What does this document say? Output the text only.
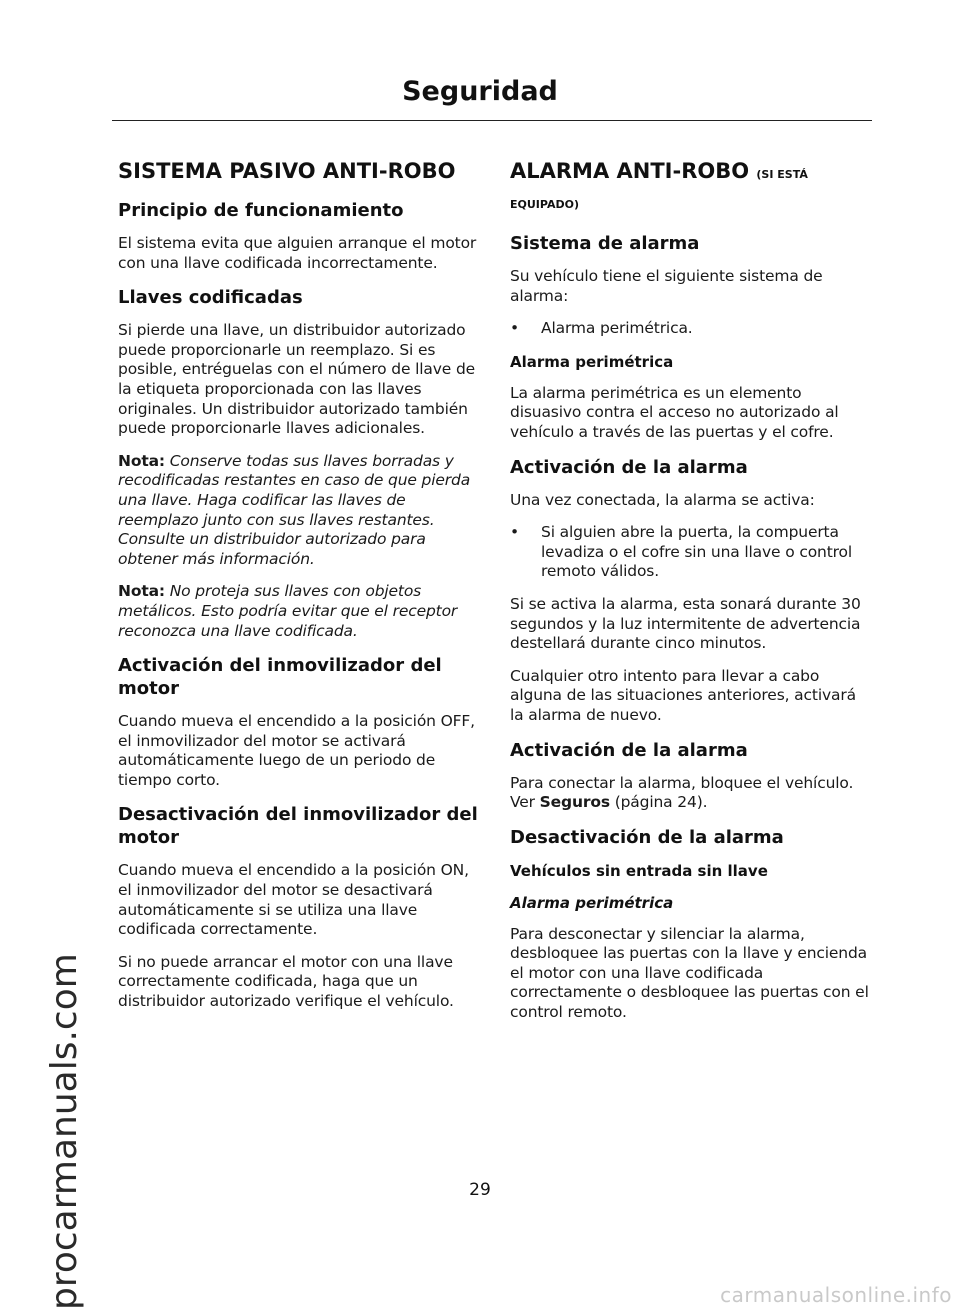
Seguridad
procarmanuals.com
SISTEMA PASIVO ANTI-ROBO
Principio de funcionamiento

El sistema evita que alguien arranque el motor con una llave codificada incorrectamente.

Llaves codificadas

Si pierde una llave, un distribuidor autorizado puede proporcionarle un reemplazo. Si es posible, entréguelas con el número de llave de la etiqueta proporcionada con las llaves originales. Un distribuidor autorizado también puede proporcionarle llaves adicionales.

Nota: Conserve todas sus llaves borradas y recodificadas restantes en caso de que pierda una llave. Haga codificar las llaves de reemplazo junto con sus llaves restantes. Consulte un distribuidor autorizado para obtener más información.

Nota: No proteja sus llaves con objetos metálicos. Esto podría evitar que el receptor reconozca una llave codificada.

Activación del inmovilizador del motor

Cuando mueva el encendido a la posición OFF, el inmovilizador del motor se activará automáticamente luego de un periodo de tiempo corto.

Desactivación del inmovilizador del motor

Cuando mueva el encendido a la posición ON, el inmovilizador del motor se desactivará automáticamente si se utiliza una llave codificada correctamente.

Si no puede arrancar el motor con una llave correctamente codificada, haga que un distribuidor autorizado verifique el vehículo.

ALARMA ANTI-ROBO (SI ESTÁ EQUIPADO)
Sistema de alarma

Su vehículo tiene el siguiente sistema de alarma:

• Alarma perimétrica.
Alarma perimétrica

La alarma perimétrica es un elemento disuasivo contra el acceso no autorizado al vehículo a través de las puertas y el cofre.

Activación de la alarma

Una vez conectada, la alarma se activa:

• Si alguien abre la puerta, la compuerta levadiza o el cofre sin una llave o control remoto válidos.

Si se activa la alarma, esta sonará durante 30 segundos y la luz intermitente de advertencia destellará durante cinco minutos.

Cualquier otro intento para llevar a cabo alguna de las situaciones anteriores, activará la alarma de nuevo.

Activación de la alarma

Para conectar la alarma, bloquee el vehículo. Ver Seguros (página 24).

Desactivación de la alarma
Vehículos sin entrada sin llave
Alarma perimétrica

Para desconectar y silenciar la alarma, desbloquee las puertas con la llave y encienda el motor con una llave codificada correctamente o desbloquee las puertas con el control remoto.

29
carmanualsonline.info
